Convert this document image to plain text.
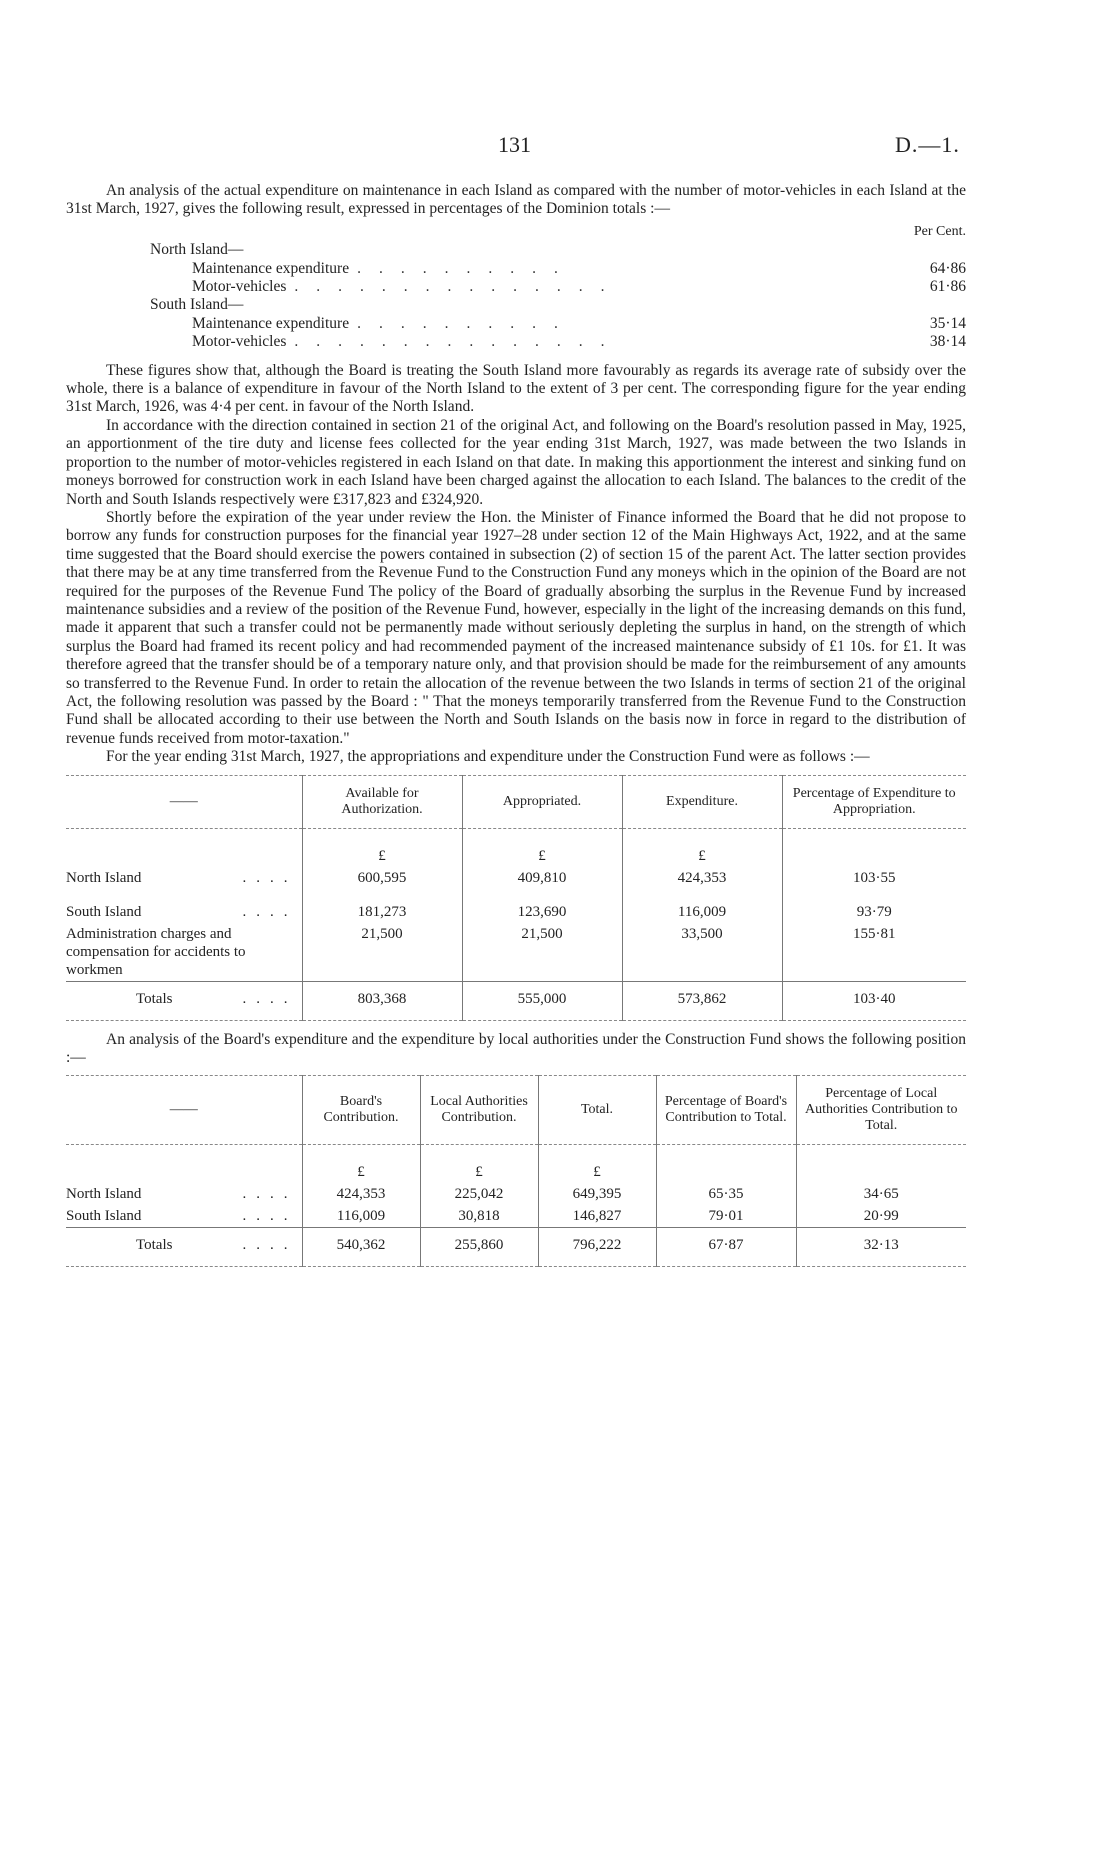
131	D.—1.

An analysis of the actual expenditure on maintenance in each Island as compared with the number of motor-vehicles in each Island at the 31st March, 1927, gives the following result, expressed in percentages of the Dominion totals :—

Per Cent.
North Island—
Maintenance expenditure ..........	64·86
Motor-vehicles ...............	61·86
South Island—
Maintenance expenditure ..........	35·14
Motor-vehicles ...............	38·14

These figures show that, although the Board is treating the South Island more favourably as regards its average rate of subsidy over the whole, there is a balance of expenditure in favour of the North Island to the extent of 3 per cent. The corresponding figure for the year ending 31st March, 1926, was 4·4 per cent. in favour of the North Island.

In accordance with the direction contained in section 21 of the original Act, and following on the Board's resolution passed in May, 1925, an apportionment of the tire duty and license fees collected for the year ending 31st March, 1927, was made between the two Islands in proportion to the number of motor-vehicles registered in each Island on that date. In making this apportionment the interest and sinking fund on moneys borrowed for construction work in each Island have been charged against the allocation to each Island. The balances to the credit of the North and South Islands respectively were £317,823 and £324,920.

Shortly before the expiration of the year under review the Hon. the Minister of Finance informed the Board that he did not propose to borrow any funds for construction purposes for the financial year 1927–28 under section 12 of the Main Highways Act, 1922, and at the same time suggested that the Board should exercise the powers contained in subsection (2) of section 15 of the parent Act. The latter section provides that there may be at any time transferred from the Revenue Fund to the Construction Fund any moneys which in the opinion of the Board are not required for the purposes of the Revenue Fund The policy of the Board of gradually absorbing the surplus in the Revenue Fund by increased maintenance subsidies and a review of the position of the Revenue Fund, however, especially in the light of the increasing demands on this fund, made it apparent that such a transfer could not be permanently made without seriously depleting the surplus in hand, on the strength of which surplus the Board had framed its recent policy and had recommended payment of the increased maintenance subsidy of £1 10s. for £1. It was therefore agreed that the transfer should be of a temporary nature only, and that provision should be made for the reimbursement of any amounts so transferred to the Revenue Fund. In order to retain the allocation of the revenue between the two Islands in terms of section 21 of the original Act, the following resolution was passed by the Board : " That the moneys temporarily transferred from the Revenue Fund to the Construction Fund shall be allocated according to their use between the North and South Islands on the basis now in force in regard to the distribution of revenue funds received from motor-taxation."

For the year ending 31st March, 1927, the appropriations and expenditure under the Construction Fund were as follows :—

——	Available for Authorization.	Appropriated.	Expenditure.	Percentage of Expenditure to Appropriation.
	£	£	£	
North Island ....	600,595	409,810	424,353	103·55
South Island ....	181,273	123,690	116,009	93·79
Administration charges and compensation for accidents to workmen	21,500	21,500	33,500	155·81
Totals ....	803,368	555,000	573,862	103·40

An analysis of the Board's expenditure and the expenditure by local authorities under the Construction Fund shows the following position :—

——	Board's Contribution.	Local Authorities Contribution.	Total.	Percentage of Board's Contribution to Total.	Percentage of Local Authorities Contribution to Total.
	£	£	£		
North Island ....	424,353	225,042	649,395	65·35	34·65
South Island ....	116,009	30,818	146,827	79·01	20·99
Totals ....	540,362	255,860	796,222	67·87	32·13
